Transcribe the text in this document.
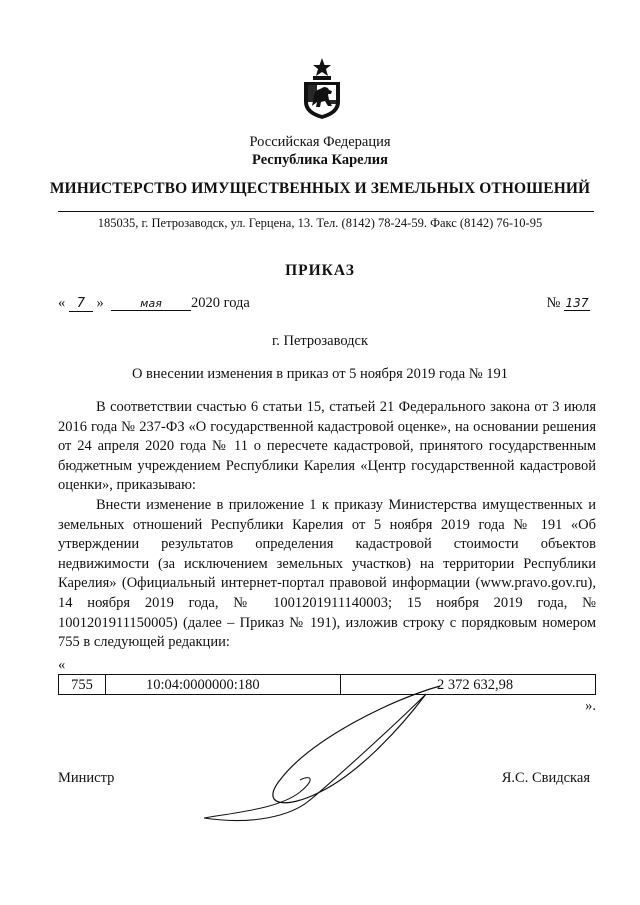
Российская Федерация
Республика Карелия
МИНИСТЕРСТВО ИМУЩЕСТВЕННЫХ И ЗЕМЕЛЬНЫХ ОТНОШЕНИЙ
185035, г. Петрозаводск, ул. Герцена, 13. Тел. (8142) 78-24-59. Факс (8142) 76-10-95
ПРИКАЗ
« 7 »	мая 2020 года	№ 137
г. Петрозаводск
О внесении изменения в приказ от 5 ноября 2019 года № 191

В соответствии счастью 6 статьи 15, статьей 21 Федерального закона от 3 июля 2016 года № 237-ФЗ «О государственной кадастровой оценке», на основании решения от 24 апреля 2020 года № 11 о пересчете кадастровой, принятого государственным бюджетным учреждением Республики Карелия «Центр государственной кадастровой оценки», приказываю:

Внести изменение в приложение 1 к приказу Министерства имущественных и земельных отношений Республики Карелия от 5 ноября 2019 года № 191 «Об утверждении результатов определения кадастровой стоимости объектов недвижимости (за исключением земельных участков) на территории Республики Карелия» (Официальный интернет-портал правовой информации (www.pravo.gov.ru), 14 ноября 2019 года, № 1001201911140003; 15 ноября 2019 года, № 1001201911150005) (далее – Приказ № 191), изложив строку с порядковым номером 755 в следующей редакции:

«
755	10:04:0000000:180	2 372 632,98
».
Министр	Я.С. Свидская
